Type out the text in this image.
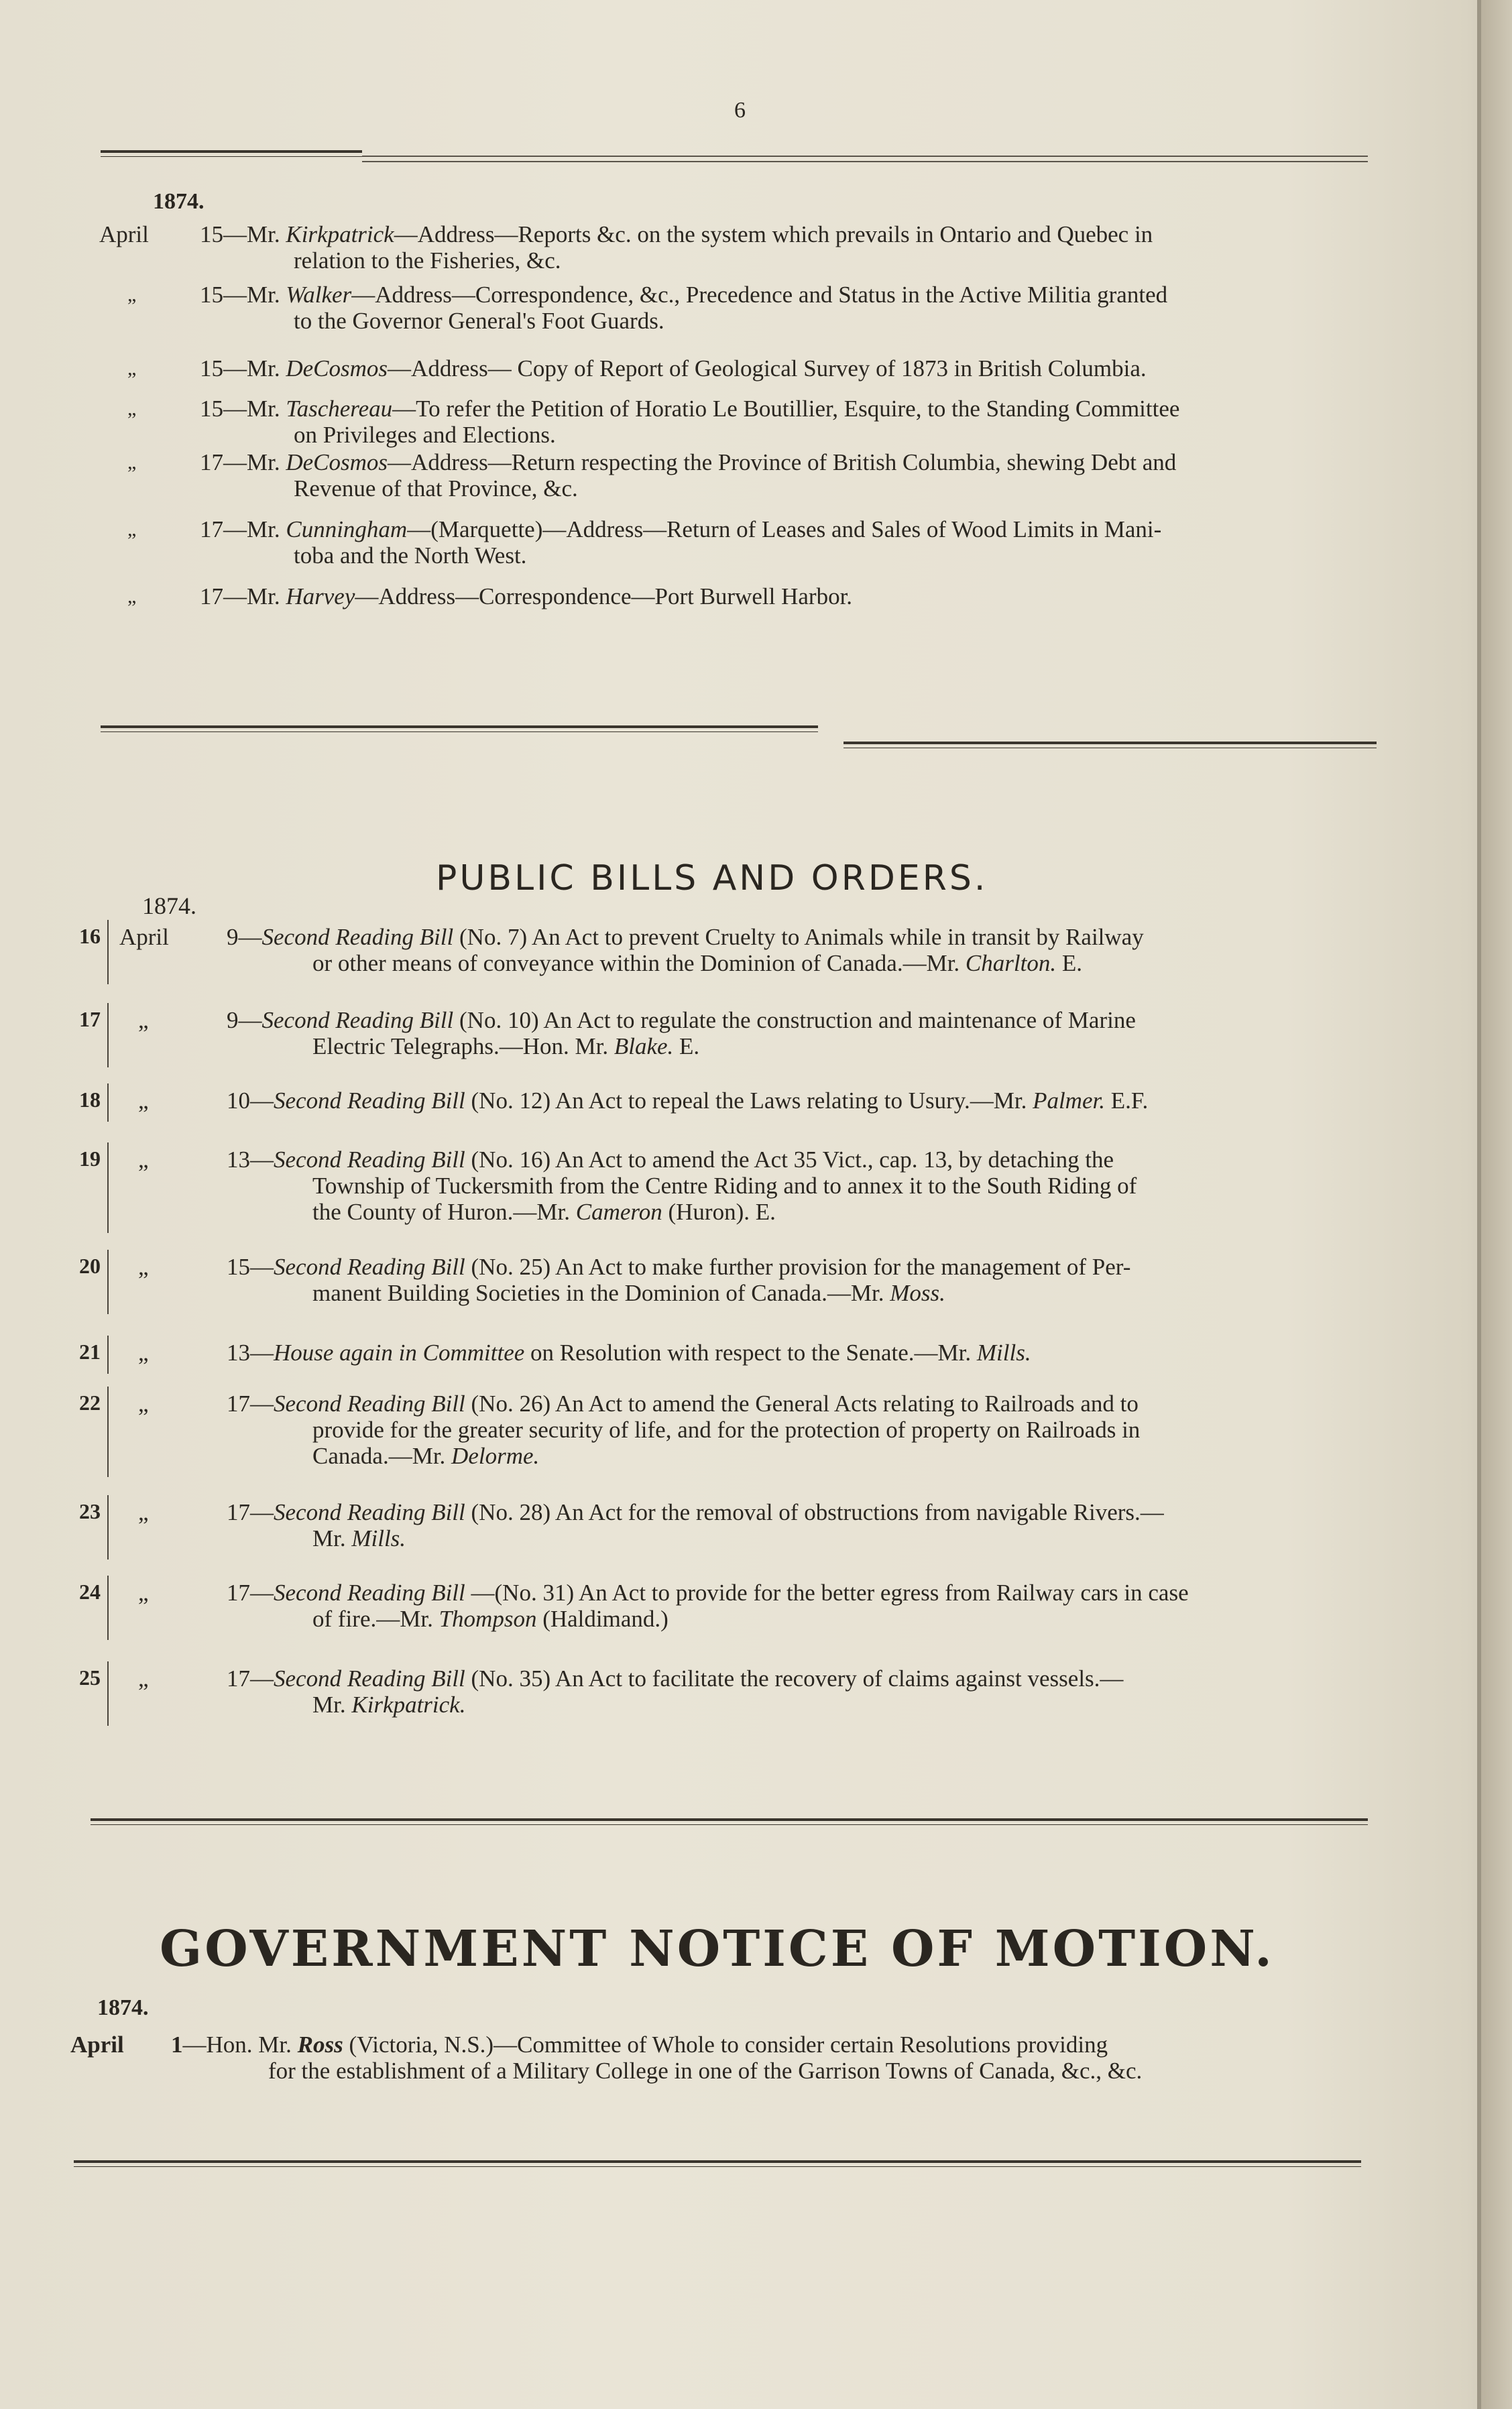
6
1874.
April 15—Mr. Kirkpatrick—Address—Reports &c. on the system which prevails in Ontario and Quebec in
relation to the Fisheries, &c.
„	15—Mr. Walker—Address—Correspondence, &c., Precedence and Status in the Active Militia granted
to the Governor General's Foot Guards.
„	15—Mr. DeCosmos—Address— Copy of Report of Geological Survey of 1873 in British Columbia.
„	15—Mr. Taschereau—To refer the Petition of Horatio Le Boutillier, Esquire, to the Standing Committee
on Privileges and Elections.
„	17—Mr. DeCosmos—Address—Return respecting the Province of British Columbia, shewing Debt and
Revenue of that Province, &c.
„	17—Mr. Cunningham—(Marquette)—Address—Return of Leases and Sales of Wood Limits in Mani-
toba and the North West.
„	17—Mr. Harvey—Address—Correspondence—Port Burwell Harbor.
PUBLIC BILLS AND ORDERS.
1874.
16 April 9—Second Reading Bill (No. 7) An Act to prevent Cruelty to Animals while in transit by Railway
or other means of conveyance within the Dominion of Canada.—Mr. Charlton. E.
17 „	9—Second Reading Bill (No. 10) An Act to regulate the construction and maintenance of Marine
Electric Telegraphs.—Hon. Mr. Blake. E.
18 „	10—Second Reading Bill (No. 12) An Act to repeal the Laws relating to Usury.—Mr. Palmer. E.F.
19 „	13—Second Reading Bill (No. 16) An Act to amend the Act 35 Vict., cap. 13, by detaching the
Township of Tuckersmith from the Centre Riding and to annex it to the South Riding of
the County of Huron.—Mr. Cameron (Huron). E.
20 „	15—Second Reading Bill (No. 25) An Act to make further provision for the management of Per-
manent Building Societies in the Dominion of Canada.—Mr. Moss.
21 „	13—House again in Committee on Resolution with respect to the Senate.—Mr. Mills.
22 „	17—Second Reading Bill (No. 26) An Act to amend the General Acts relating to Railroads and to
provide for the greater security of life, and for the protection of property on Railroads in
Canada.—Mr. Delorme.
23 „	17—Second Reading Bill (No. 28) An Act for the removal of obstructions from navigable Rivers.—
Mr. Mills.
24 „	17—Second Reading Bill —(No. 31) An Act to provide for the better egress from Railway cars in case
of fire.—Mr. Thompson (Haldimand.)
25 „	17—Second Reading Bill (No. 35) An Act to facilitate the recovery of claims against vessels.—
Mr. Kirkpatrick.
GOVERNMENT NOTICE OF MOTION.
1874.
April 1—Hon. Mr. Ross (Victoria, N.S.)—Committee of Whole to consider certain Resolutions providing
for the establishment of a Military College in one of the Garrison Towns of Canada, &c., &c.
